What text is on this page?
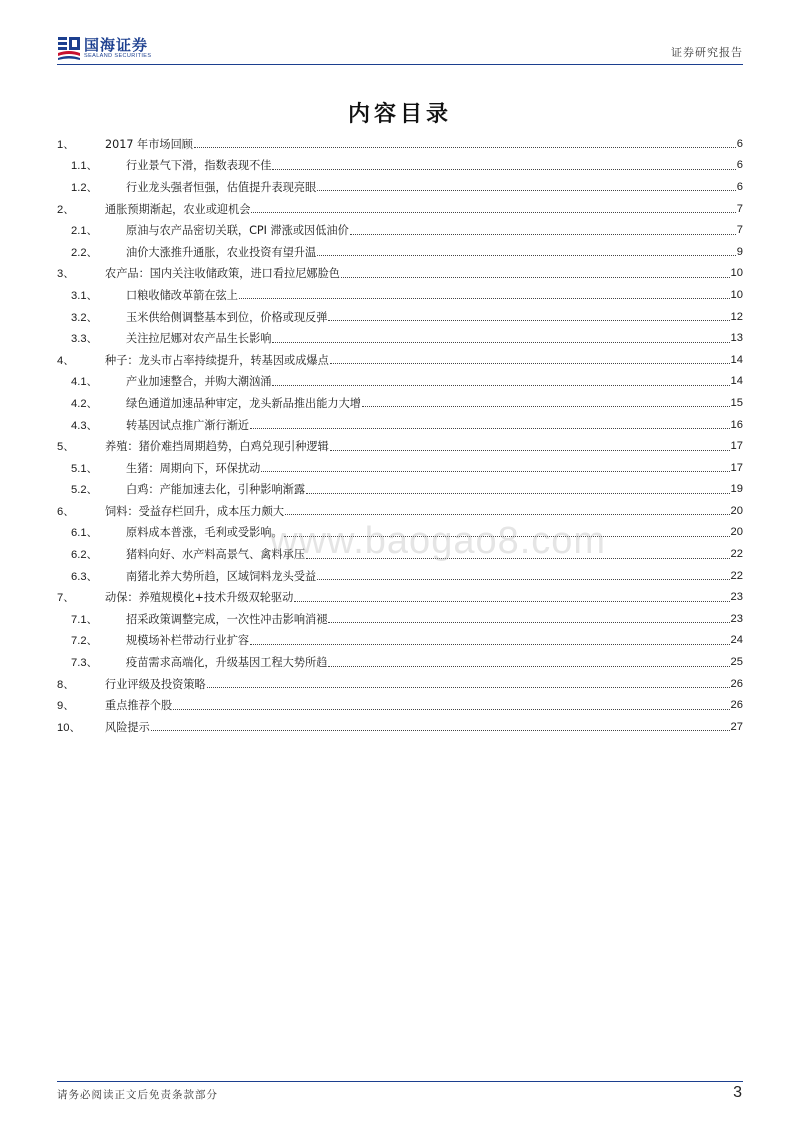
国海证券
SEALAND SECURITIES	证券研究报告
内容目录
1、	2017 年市场回顾	6
1.1、	行业景气下滑，指数表现不佳	6
1.2、	行业龙头强者恒强，估值提升表现亮眼	6
2、	通胀预期渐起，农业或迎机会	7
2.1、	原油与农产品密切关联，CPI 滞涨或因低油价	7
2.2、	油价大涨推升通胀，农业投资有望升温	9
3、	农产品：国内关注收储政策，进口看拉尼娜脸色	10
3.1、	口粮收储改革箭在弦上	10
3.2、	玉米供给侧调整基本到位，价格或现反弹	12
3.3、	关注拉尼娜对农产品生长影响	13
4、	种子：龙头市占率持续提升，转基因或成爆点	14
4.1、	产业加速整合，并购大潮汹涌	14
4.2、	绿色通道加速品种审定，龙头新品推出能力大增	15
4.3、	转基因试点推广渐行渐近	16
5、	养殖：猪价难挡周期趋势，白鸡兑现引种逻辑	17
5.1、	生猪：周期向下，环保扰动	17
5.2、	白鸡：产能加速去化，引种影响渐露	19
6、	饲料：受益存栏回升，成本压力颇大	20
6.1、	原料成本普涨，毛利或受影响。	20
6.2、	猪料向好、水产料高景气、禽料承压	22
6.3、	南猪北养大势所趋，区域饲料龙头受益	22
7、	动保：养殖规模化+技术升级双轮驱动	23
7.1、	招采政策调整完成，一次性冲击影响消褪	23
7.2、	规模场补栏带动行业扩容	24
7.3、	疫苗需求高端化，升级基因工程大势所趋	25
8、	行业评级及投资策略	26
9、	重点推荐个股	26
10、	风险提示	27
www.baogao8.com
请务必阅读正文后免责条款部分	3
